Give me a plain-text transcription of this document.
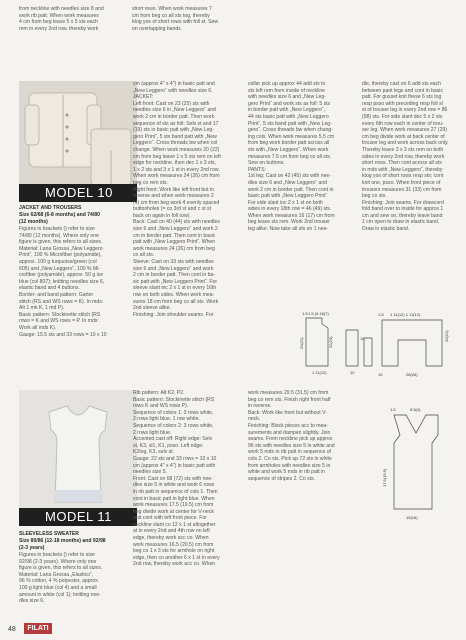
from neckline with needles size 8 and
work rib patt. When work measures
4 cm from beg leave 5 x 5 sts each
rem in every 2nd row, thereby work
short rows. When work measures 7
cm from beg co all sts tog, thereby
ktog yos of short rows with foll st. Sew
on overlapping bands.
MODEL 10
JACKET AND TROUSERS
Size 62/68 (6-8 months) and 74/80
(12 months)
Figures in brackets () refer to size
74/80 (12 months). Where only one
figure is given, this refers to all sizes.
Material: Lana Grossa „New Leggero
Print“, 100 % Microfiber (polyamide),
approx. 100 g turquoise/green (col
605) and „New Leggero“, 100 % Mi-
crofiber (polyamide), approx. 50 g ice
blue (col 807); knitting needles size 6,
elastic band and 4 buttons.
Border- and band pattern: Garter
stitch (RS and WS rows = K). In mds:
Alt 1 mk K, 1 md P).
Basic pattern: Stockinette stitch (RS
rows = K and WS rows = P. In mds:
Work all mds K).
Gauge: 15.5 sts and 33 rows = 10 x 10
cm (approx 4" x 4") in basic patt and
„New Leggero“ with needles size 6.
JACKET:
Left front: Cast on 23 (25) sts with
needles size 6 in „New Leggero“ and
work 2 cm in border patt. Then work
sequence of sts as foll: Selv st and 17
(19) sts in basic patt with „New Leg-
gero Print“, 5 sts band patt with „New
Leggero“. Cross threads bw when col
change. When work measures 20 (22)
cm from beg leave 1 x 5 sts rem on left
edge for neckline, then dec 1 x 3 sts,
1 x 2 sts and 3 x 1 st in every 2nd row.
When work measures 24 (26) cm from
beg co rem sts.
Right front: Work like left front but in
reverse and when work measures 2
(4) cm from beg work 4 evenly spaced
buttonholes (= co 3rd st and c st st
back on again in foll row).
Back: Cast on 40 (44) sts with needles
size 6 and „New Leggero“ and work 2
cm in border patt. Then cont in basic
patt with „New Leggero Print“. When
work measures 24 (26) cm from beg
co all sts.
Sleeve: Cast on 33 sts with needles
size 6 and „New Leggero“ and work
2 cm in border patt. Then cont in ba-
sic patt with „New Leggero Print“. For
sleeve slant inc 2 x 1 st in every 16th
row on both sides. When work mea-
sures 18 cm from beg co all sts. Work
2nd sleeve alike.
Finishing: Join shoulder seams. For
collar pick up approx 44 add sts to
sts left rem from inside of neckline
with needles size 6 and „New Leg-
gero Print“ and work sts as foll: 5 sts
in border patt with „New Leggero“,
44 sts basic patt with „New Leggero
Print“, 5 sts band patt with „New Leg-
gero“. Cross threads bw when chang-
ing cols. When work measures 5.5 cm
from beg work border patt across all
sts with „New Leggero“. When work
measures 7.5 cm from beg co all sts.
Sew on buttons.
PANTS:
1st leg: Cast on 42 (45) sts with nee-
dles size 6 and „New Leggero“ and
work 2 cm in border patt. Then cont in
basic patt with „New Leggero Print“.
For side slant inc 2 x 1 st on both
sides in every 18th row = 46 (49) sts.
When work measures 16 (17) cm from
beg leave sts rem. Work 2nd trouser
leg alike. Now take all sts on 1 nee-
dle, thereby cast on 6 add sts each
between pant legs and cont in basic
patt. For gusset knit these 6 sts tog
resp psso with preceding resp foll st
st of trouser leg in every 2nd row = 86
(98) sts. For side slant dec 5 x 2 sts
every 6th row each in center of trou-
ser leg. When work measures 27 (29)
cm beg divide work at back center of
trouser leg and work across back only.
Thereby leave 3 x 3 sts rem on both
sides in every 2nd row, thereby work
short rows. Then cont across all sts
in mds with „New Leggero“, thereby
ktog yos of short rows resp sts; cont
knit one, psso. When front piece of
trousers measures 31 (33) cm from
beg co sts.
Finishing: Join seams. For drawcord
fold band over to inside for approx 1
cm and sew on, thereby leave band
1 cm open to draw in elastic band.
Draw in elastic band.
1.5 1.5 (5.16(7)
20(22)	22(24)
1 11(12)	10
11
1.5 1 11(12) 1 11(12)
20(21)
28(26)
10
MODEL 11
SLEEVELESS SWEATER
Size 80/86 (12-18 months) and 92/98
(2-3 years)
Figures in brackets () refer to size
92/98 (2-3 years). Where only one
figure is given, this refers to all sizes.
Material: Lana Grossa „Elastico“,
96 % cotton, 4 % polyester, approx.
100 g light blue (col 4) and a small
amount in white (col 1); knitting nee-
dles size 6.
Rib pattern: Alt K2, P2.
Basic pattern: Stockinette stitch (RS
rows K and WS rows P).
Sequence of colors 1: 3 rows white,
2 rows light blue, 1 row white.
Sequence of colors 2: 3 rows white,
2 rows light blue.
Accented cast off: Right edge: Selv
st, K3, sl1, K1, psso. Left edge:
K2tog, K3, selv st.
Gauge: 22 sts and 33 rows = 10 x 10
cm (approx 4" x 4") in basic patt with
needles size 5.
Front: Cast on 68 (72) sts with nee-
dles size 5 in white and work 6 rows
in rib patt in sequence of cols 1. Then
cont in basic patt in light blue. When
work measures 17.5 (19.5) cm from
beg divide work at center for V-neck
and cont with left front piece. For
neckline slant co 12 x 1 st altogether
at in every 2nd and 4th row on left
edge, thereby work acc co. When
work measures 16.5 (20.5) cm from
beg co 1 x 3 sts for armhole on right
edge, then co another 6 x 1 st in every
2nd row, thereby work acc co. When
work measures 29.5 (31.5) cm from
beg co rem sts. Finish right front half
in reverse.
Back: Work like front but without V-
neck.
Finishing: Block pieces acc to mea-
surements and dampen slightly. Join
seams. From neckline pick up approx
96 sts with needles size 5 in white and
work 5 mds in rib patt in sequence of
cols 2. Co sts. Pick up 72 sts in white
from armholes with needles size 5 in
white and work 5 mds in rib patt in
sequence of stripes 2. Co sts.
1.5	5.5(4)
17.5(19.5)
15(16)
48	FILATI
